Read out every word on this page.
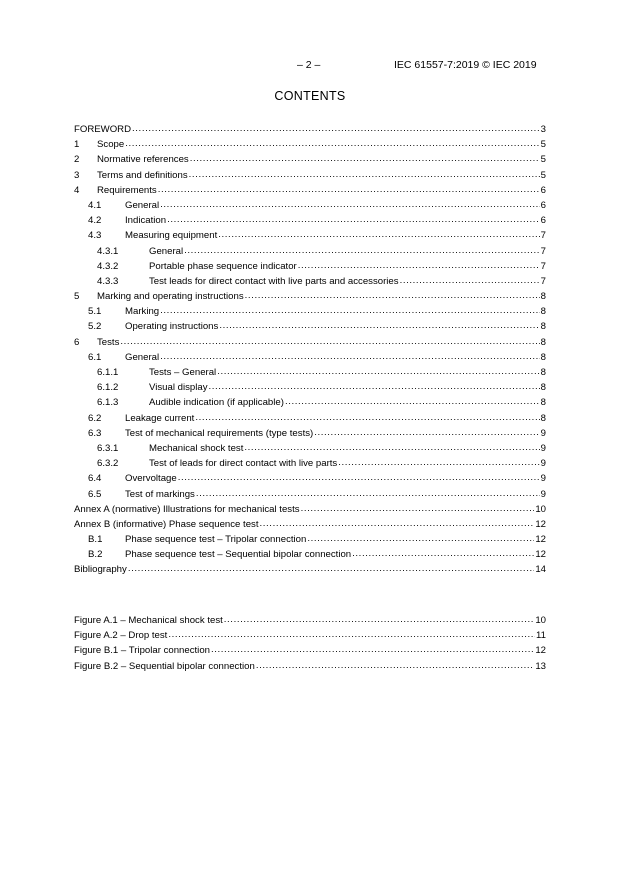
– 2 –	IEC 61557-7:2019 © IEC 2019
CONTENTS
FOREWORD .....	3
1	Scope .....	5
2	Normative references .....	5
3	Terms and definitions .....	5
4	Requirements .....	6
4.1	General .....	6
4.2	Indication .....	6
4.3	Measuring equipment .....	7
4.3.1	General .....	7
4.3.2	Portable phase sequence indicator .....	7
4.3.3	Test leads for direct contact with live parts and accessories .....	7
5	Marking and operating instructions .....	8
5.1	Marking .....	8
5.2	Operating instructions .....	8
6	Tests .....	8
6.1	General .....	8
6.1.1	Tests – General .....	8
6.1.2	Visual display .....	8
6.1.3	Audible indication (if applicable) .....	8
6.2	Leakage current .....	8
6.3	Test of mechanical requirements (type tests) .....	9
6.3.1	Mechanical shock test .....	9
6.3.2	Test of leads for direct contact with live parts .....	9
6.4	Overvoltage .....	9
6.5	Test of markings .....	9
Annex A (normative) Illustrations for mechanical tests .....	10
Annex B (informative) Phase sequence test .....	12
B.1	Phase sequence test – Tripolar connection .....	12
B.2	Phase sequence test – Sequential bipolar connection .....	12
Bibliography .....	14
Figure A.1 – Mechanical shock test .....	10
Figure A.2 – Drop test .....	11
Figure B.1 – Tripolar connection .....	12
Figure B.2 – Sequential bipolar connection .....	13
